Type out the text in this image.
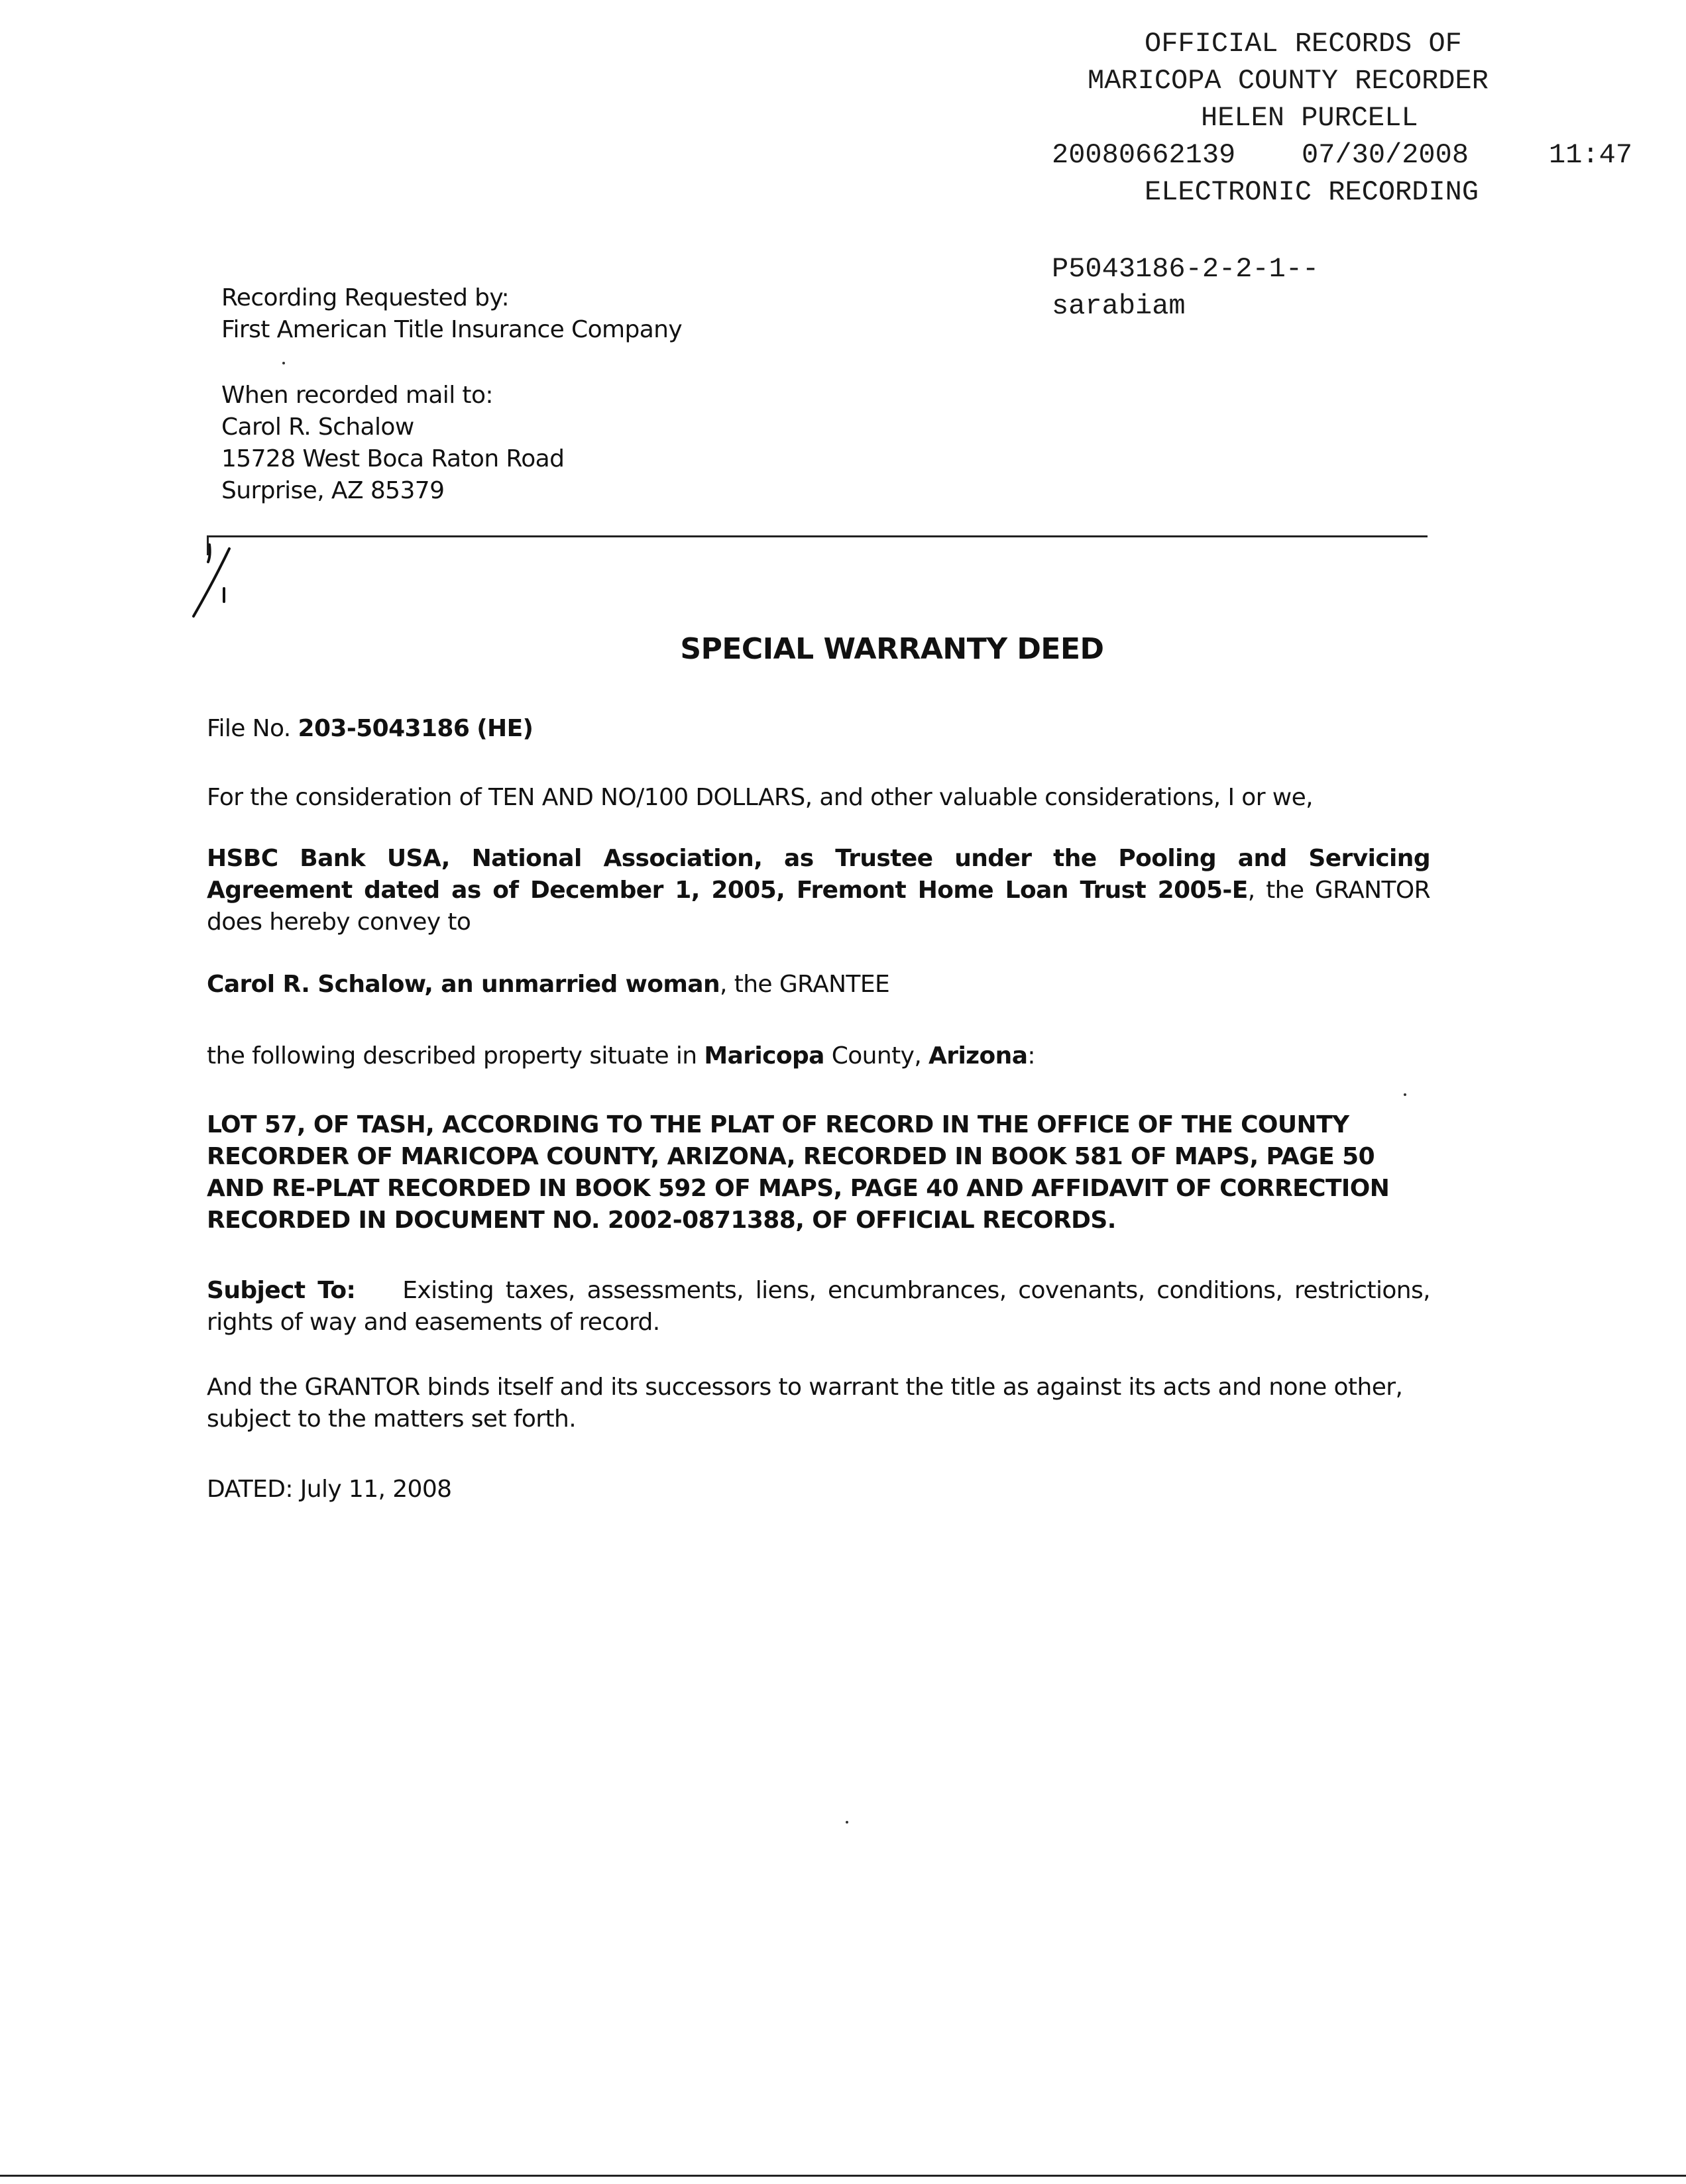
OFFICIAL RECORDS OF

MARICOPA COUNTY RECORDER

HELEN PURCELL

20080662139

07/30/2008

	11:47

ELECTRONIC RECORDING

P5043186-2-2-1--

sarabiam

Recording Requested by:
First American Title Insurance Company
When recorded mail to:
Carol R. Schalow
15728 West Boca Raton Road
Surprise, AZ 85379
SPECIAL WARRANTY DEED
File No. 203-5043186 (HE)
For the consideration of TEN AND NO/100 DOLLARS, and other valuable considerations, I or we,
HSBC Bank USA, National Association, as Trustee under the Pooling and Servicing Agreement dated as of December 1, 2005, Fremont Home Loan Trust 2005-E, the GRANTOR does hereby convey to
Carol R. Schalow, an unmarried woman, the GRANTEE
the following described property situate in Maricopa County, Arizona:
LOT 57, OF TASH, ACCORDING TO THE PLAT OF RECORD IN THE OFFICE OF THE COUNTY
RECORDER OF MARICOPA COUNTY, ARIZONA, RECORDED IN BOOK 581 OF MAPS, PAGE 50
AND RE-PLAT RECORDED IN BOOK 592 OF MAPS, PAGE 40 AND AFFIDAVIT OF CORRECTION
RECORDED IN DOCUMENT NO. 2002-0871388, OF OFFICIAL RECORDS.
Subject To: Existing taxes, assessments, liens, encumbrances, covenants, conditions, restrictions, rights of way and easements of record.
And the GRANTOR binds itself and its successors to warrant the title as against its acts and none other, subject to the matters set forth.
DATED: July 11, 2008
